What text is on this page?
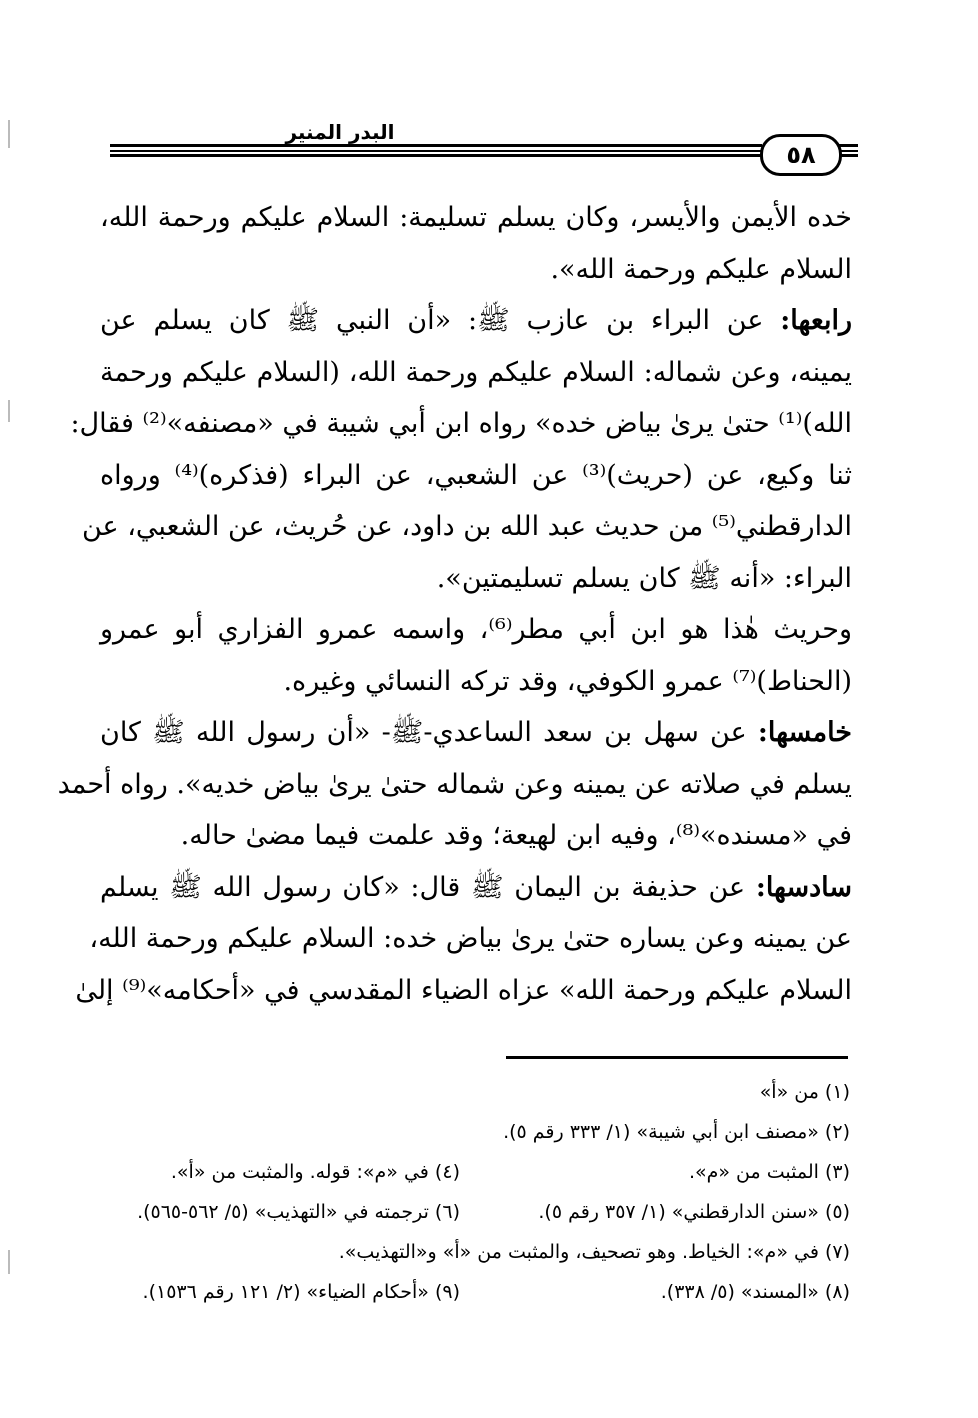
البدر المنير
٥٨
خده الأيمن والأيسر، وكان يسلم تسليمة: السلام عليكم ورحمة الله،
السلام عليكم ورحمة الله».
رابعها: عن البراء بن عازب ﷺ: «أن النبي ﷺ كان يسلم عن
يمينه، وعن شماله: السلام عليكم ورحمة الله، (السلام عليكم ورحمة
الله)⁽¹⁾ حتىٰ يرىٰ بياض خده» رواه ابن أبي شيبة في «مصنفه»⁽²⁾ فقال:
ثنا وكيع، عن (حريث)⁽³⁾ عن الشعبي، عن البراء (فذكره)⁽⁴⁾ ورواه
الدارقطني⁽⁵⁾ من حديث عبد الله بن داود، عن حُريث، عن الشعبي، عن
البراء: «أنه ﷺ كان يسلم تسليمتين».
وحريث هٰذا هو ابن أبي مطر⁽⁶⁾، واسمه عمرو الفزاري أبو عمرو
(الحناط)⁽⁷⁾ عمرو الكوفي، وقد تركه النسائي وغيره.
خامسها: عن سهل بن سعد الساعدي-ﷺ- «أن رسول الله ﷺ كان
يسلم في صلاته عن يمينه وعن شماله حتىٰ يرىٰ بياض خديه». رواه أحمد
في «مسنده»⁽⁸⁾، وفيه ابن لهيعة؛ وقد علمت فيما مضىٰ حاله.
سادسها: عن حذيفة بن اليمان ﷺ قال: «كان رسول الله ﷺ يسلم
عن يمينه وعن يساره حتىٰ يرىٰ بياض خده: السلام عليكم ورحمة الله،
السلام عليكم ورحمة الله» عزاه الضياء المقدسي في «أحكامه»⁽⁹⁾ إلىٰ
(١) من «أ»
(٢) «مصنف ابن أبي شيبة» (١/ ٣٣٣ رقم ٥).
(٣) المثبت من «م».
(٤) في «م»: قوله. والمثبت من «أ».
(٥) «سنن الدارقطني» (١/ ٣٥٧ رقم ٥).
(٦) ترجمته في «التهذيب» (٥/ ٥٦٢-٥٦٥).
(٧) في «م»: الخياط. وهو تصحيف، والمثبت من «أ» و«التهذيب».
(٨) «المسند» (٥/ ٣٣٨).
(٩) «أحكام الضياء» (٢/ ١٢١ رقم ١٥٣٦).
